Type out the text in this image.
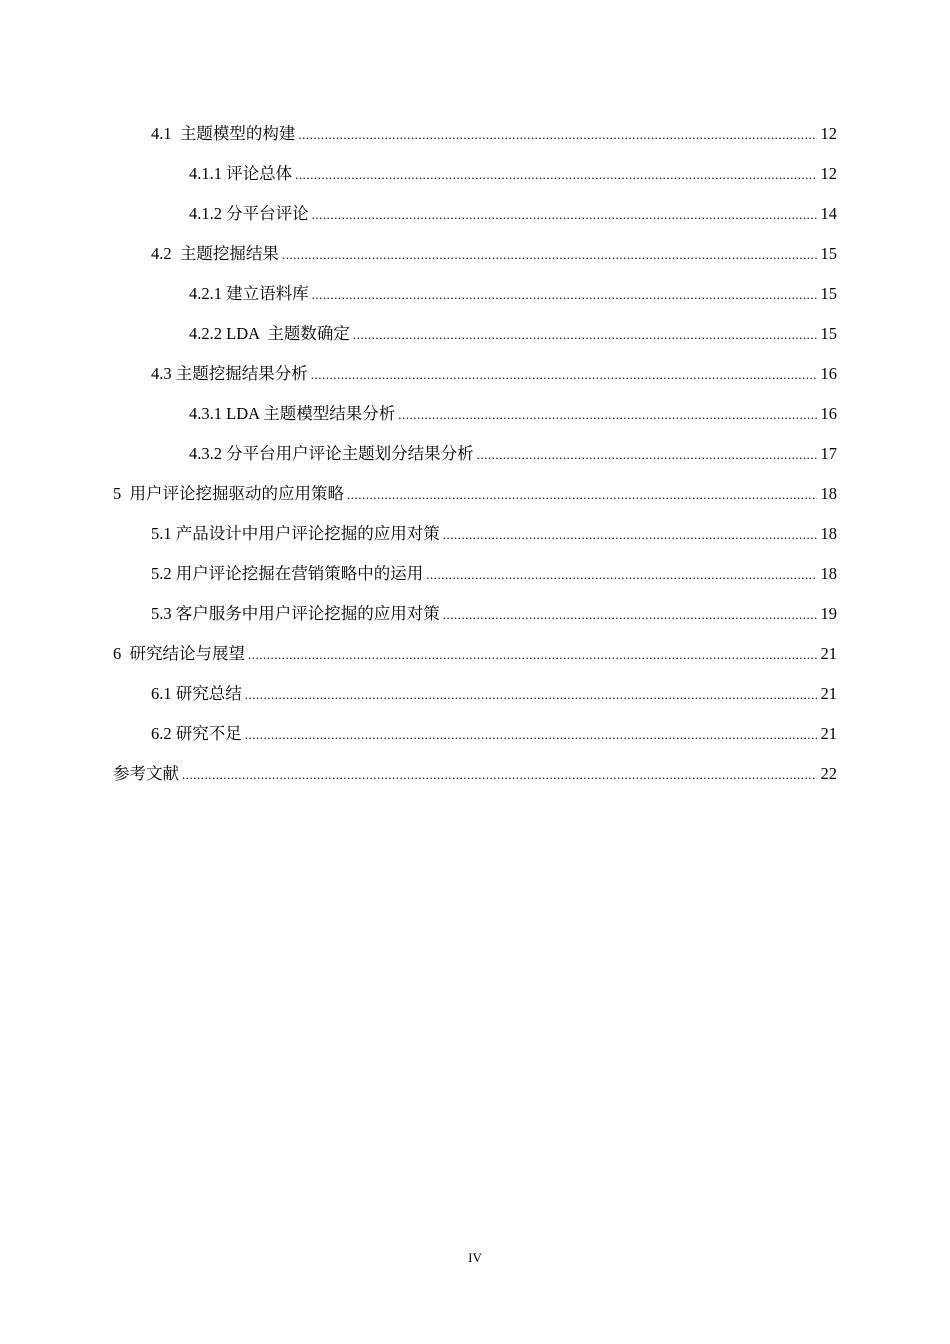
4.1  主题模型的构建 .....	12
4.1.1 评论总体 .....	12
4.1.2 分平台评论 .....	14
4.2  主题挖掘结果 .....	15
4.2.1 建立语料库 .....	15
4.2.2 LDA  主题数确定 .....	15
4.3 主题挖掘结果分析 .....	16
4.3.1 LDA 主题模型结果分析 .....	16
4.3.2 分平台用户评论主题划分结果分析 .....	17
5  用户评论挖掘驱动的应用策略 .....	18
5.1 产品设计中用户评论挖掘的应用对策 .....	18
5.2 用户评论挖掘在营销策略中的运用 .....	18
5.3 客户服务中用户评论挖掘的应用对策 .....	19
6  研究结论与展望 .....	21
6.1 研究总结 .....	21
6.2 研究不足 .....	21
参考文献 .....	22
IV
